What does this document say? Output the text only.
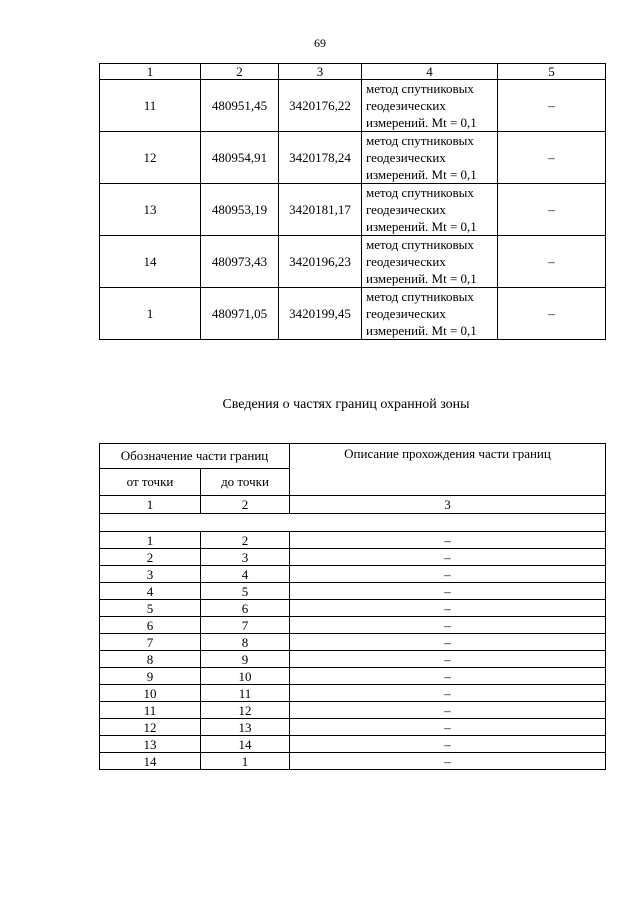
69
1	2	3	4	5
11	480951,45	3420176,22	метод спутниковых
геодезических
измерений. Mt = 0,1	–
12	480954,91	3420178,24	метод спутниковых
геодезических
измерений. Mt = 0,1	–
13	480953,19	3420181,17	метод спутниковых
геодезических
измерений. Mt = 0,1	–
14	480973,43	3420196,23	метод спутниковых
геодезических
измерений. Mt = 0,1	–
1	480971,05	3420199,45	метод спутниковых
геодезических
измерений. Mt = 0,1	–
Сведения о частях границ охранной зоны
Обозначение части границ		Описание прохождения части границ
от точки	до точки	
1	2	3

1	2	–
2	3	–
3	4	–
4	5	–
5	6	–
6	7	–
7	8	–
8	9	–
9	10	–
10	11	–
11	12	–
12	13	–
13	14	–
14	1	–
